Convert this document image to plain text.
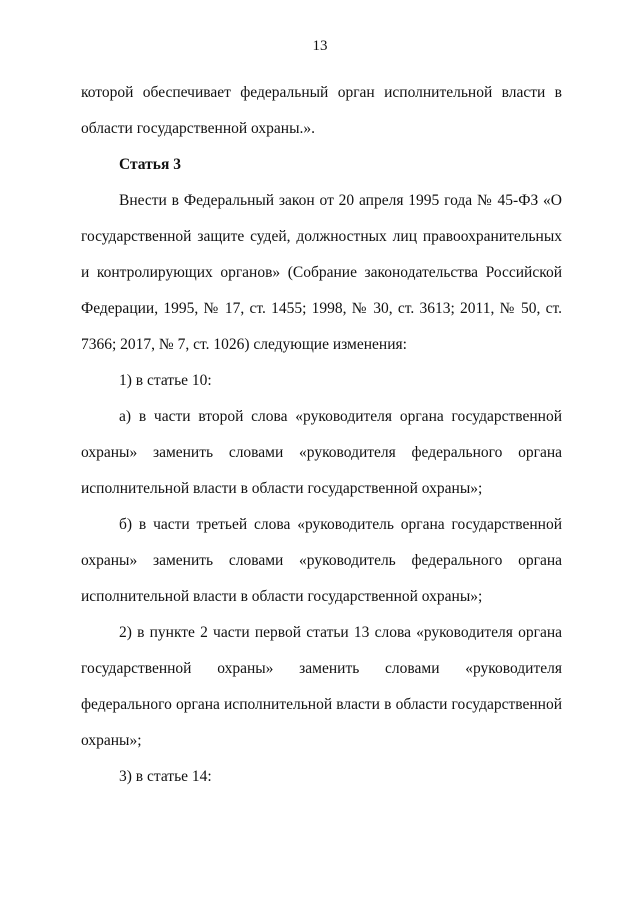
13

которой обеспечивает федеральный орган исполнительной власти в области государственной охраны.».

Статья 3

Внести в Федеральный закон от 20 апреля 1995 года № 45-ФЗ «О государственной защите судей, должностных лиц правоохранительных и контролирующих органов» (Собрание законодательства Российской Федерации, 1995, № 17, ст. 1455; 1998, № 30, ст. 3613; 2011, № 50, ст. 7366; 2017, № 7, ст. 1026) следующие изменения:

1) в статье 10:

а) в части второй слова «руководителя органа государственной охраны» заменить словами «руководителя федерального органа исполнительной власти в области государственной охраны»;

б) в части третьей слова «руководитель органа государственной охраны» заменить словами «руководитель федерального органа исполнительной власти в области государственной охраны»;

2) в пункте 2 части первой статьи 13 слова «руководителя органа государственной охраны» заменить словами «руководителя федерального органа исполнительной власти в области государственной охраны»;

3) в статье 14:
